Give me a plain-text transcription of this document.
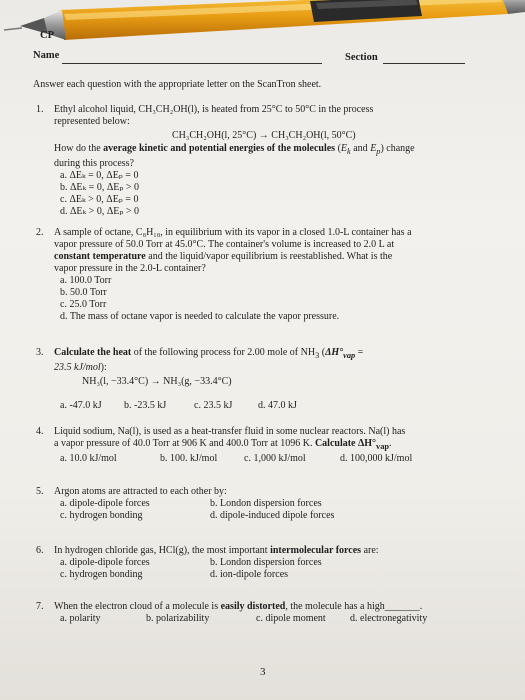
CP
Name	Section
Answer each question with the appropriate letter on the ScanTron sheet.
1. Ethyl alcohol liquid, CH₃CH₂OH(l), is heated from 25°C to 50°C in the process
represented below:
CH₃CH₂OH(l, 25°C) → CH₃CH₂OH(l, 50°C)
How do the average kinetic and potential energies of the molecules ($E_k$ and $E_p$) change
during this process?
a. ΔEₖ = 0, ΔEₚ = 0
b. ΔEₖ = 0, ΔEₚ > 0
c. ΔEₖ > 0, ΔEₚ = 0
d. ΔEₖ > 0, ΔEₚ > 0
2. A sample of octane, C₈H₁₈, in equilibrium with its vapor in a closed 1.0-L container has a
vapor pressure of 50.0 Torr at 45.0°C. The container's volume is increased to 2.0 L at
constant temperature and the liquid/vapor equilibrium is reestablished. What is the
vapor pressure in the 2.0-L container?
a. 100.0 Torr
b. 50.0 Torr
c. 25.0 Torr
d. The mass of octane vapor is needed to calculate the vapor pressure.
3. Calculate the heat of the following process for 2.00 mole of $NH_3$ ($\Delta H^\circ_{vap}$ =
23.5 kJ/mol):
NH₃(l, −33.4°C) → NH₃(g, −33.4°C)
a. -47.0 kJ	b. -23.5 kJ	c. 23.5 kJ	d. 47.0 kJ
4. Liquid sodium, Na(l), is used as a heat-transfer fluid in some nuclear reactors. Na(l) has
a vapor pressure of 40.0 Torr at 906 K and 400.0 Torr at 1096 K. Calculate $\Delta H^\circ_{vap}$.
a. 10.0 kJ/mol	b. 100. kJ/mol	c. 1,000 kJ/mol	d. 100,000 kJ/mol
5. Argon atoms are attracted to each other by:
a. dipole-dipole forces	b. London dispersion forces
c. hydrogen bonding	d. dipole-induced dipole forces
6. In hydrogen chloride gas, HCl(g), the most important intermolecular forces are:
a. dipole-dipole forces	b. London dispersion forces
c. hydrogen bonding	d. ion-dipole forces
7. When the electron cloud of a molecule is easily distorted, the molecule has a high_______.
a. polarity	b. polarizability	c. dipole moment	d. electronegativity
3
